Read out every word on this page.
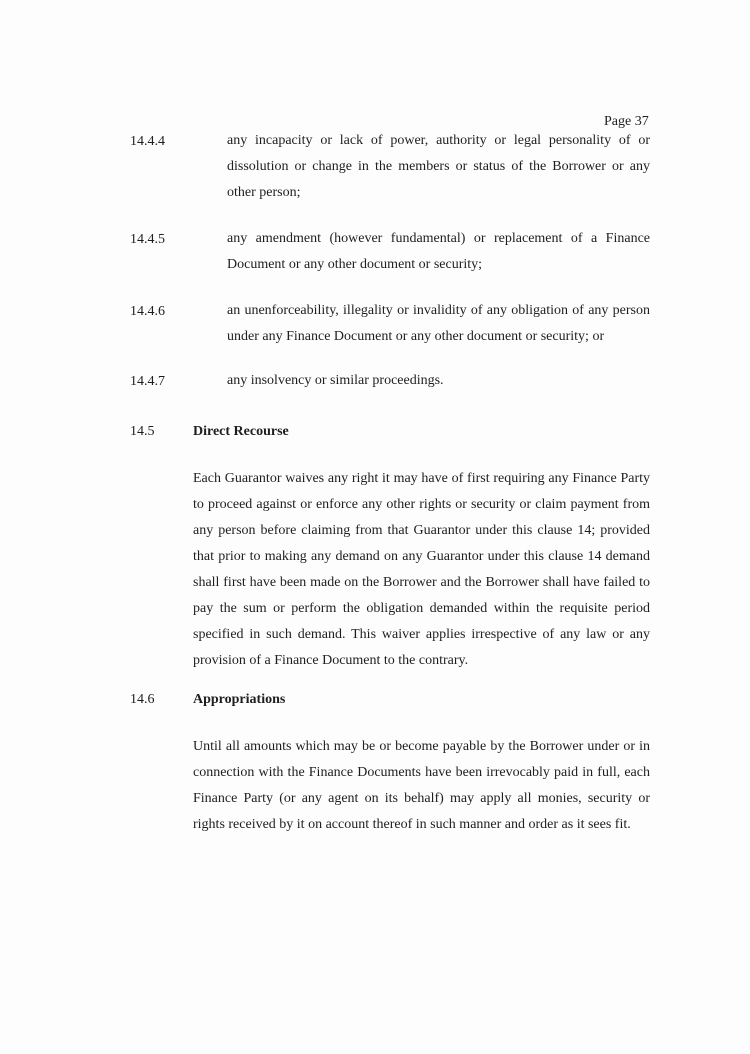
Page 37
14.4.4	any incapacity or lack of power, authority or legal personality of or dissolution or change in the members or status of the Borrower or any other person;
14.4.5	any amendment (however fundamental) or replacement of a Finance Document or any other document or security;
14.4.6	an unenforceability, illegality or invalidity of any obligation of any person under any Finance Document or any other document or security; or
14.4.7	any insolvency or similar proceedings.
14.5	Direct Recourse
Each Guarantor waives any right it may have of first requiring any Finance Party to proceed against or enforce any other rights or security or claim payment from any person before claiming from that Guarantor under this clause 14; provided that prior to making any demand on any Guarantor under this clause 14 demand shall first have been made on the Borrower and the Borrower shall have failed to pay the sum or perform the obligation demanded within the requisite period specified in such demand. This waiver applies irrespective of any law or any provision of a Finance Document to the contrary.
14.6	Appropriations
Until all amounts which may be or become payable by the Borrower under or in connection with the Finance Documents have been irrevocably paid in full, each Finance Party (or any agent on its behalf) may apply all monies, security or rights received by it on account thereof in such manner and order as it sees fit.
